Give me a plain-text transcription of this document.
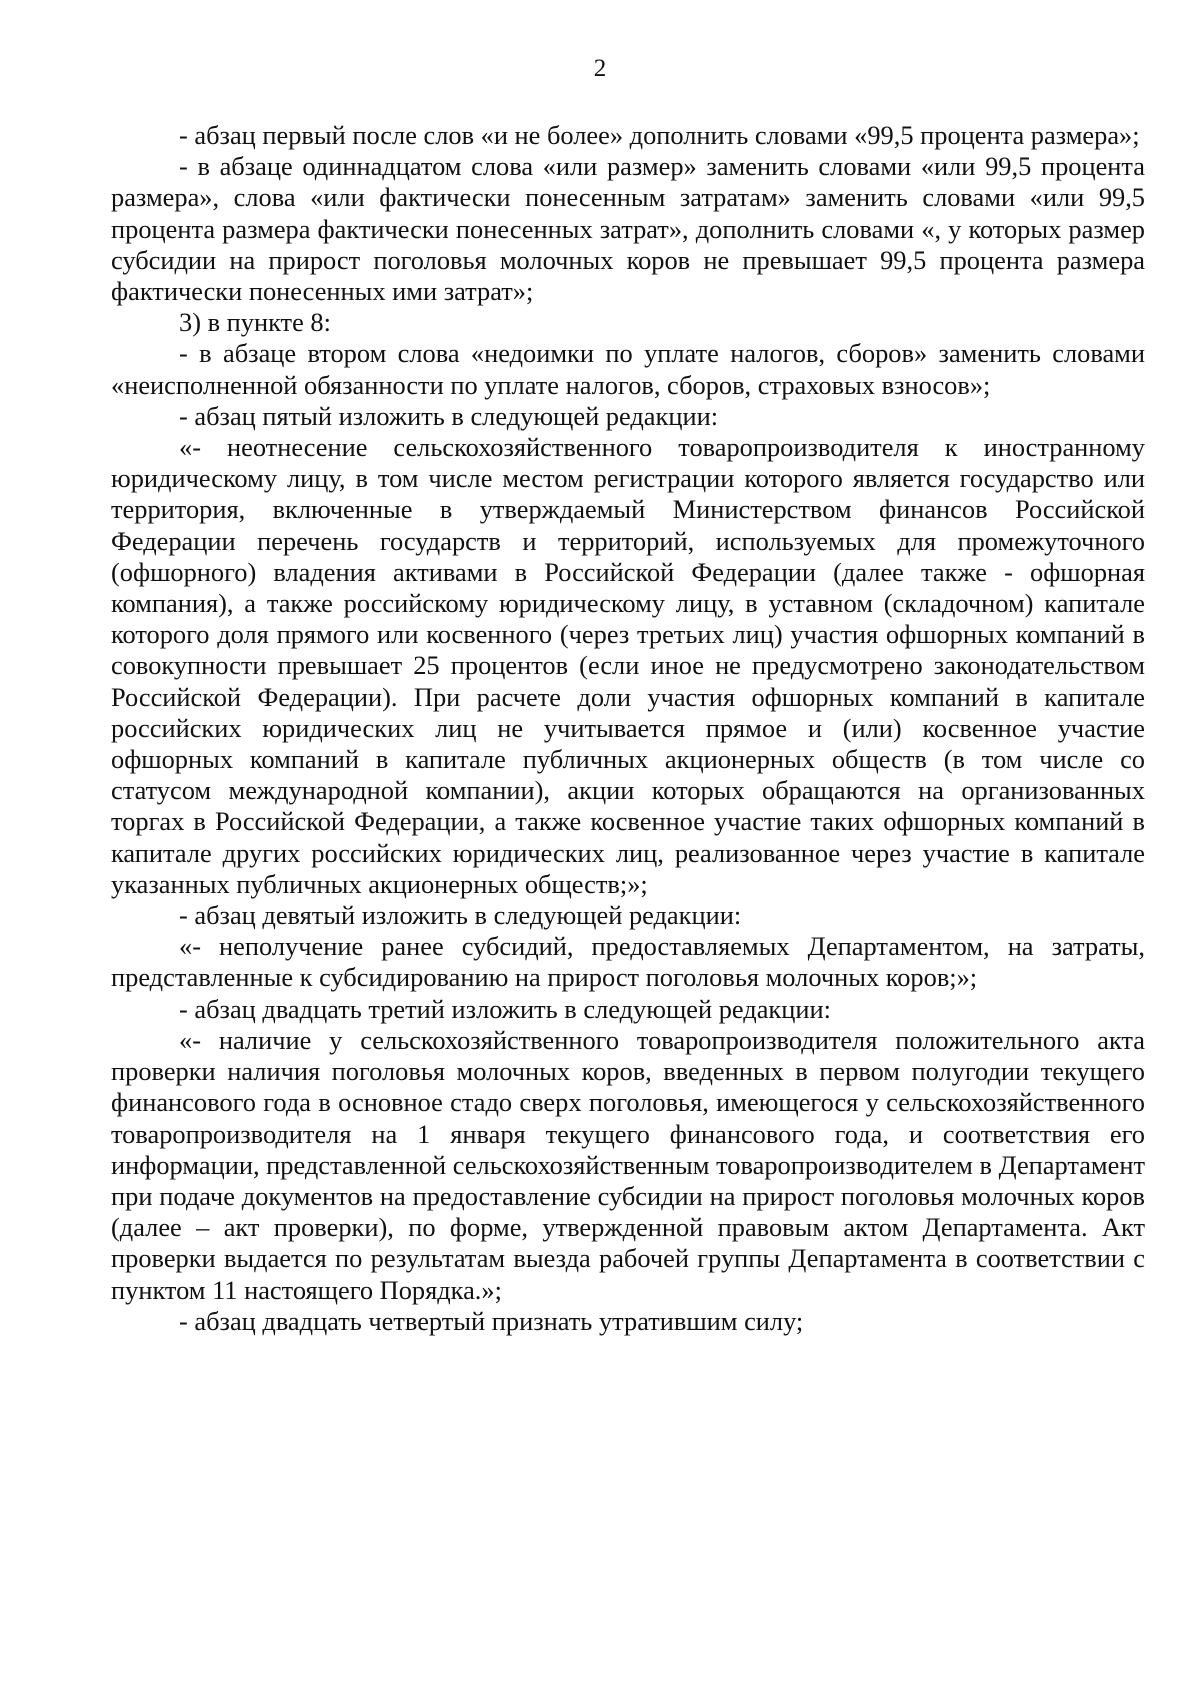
2

- абзац первый после слов «и не более» дополнить словами «99,5 процента размера»;

- в абзаце одиннадцатом слова «или размер» заменить словами «или 99,5 процента размера», слова «или фактически понесенным затратам» заменить словами «или 99,5 процента размера фактически понесенных затрат», дополнить словами «, у которых размер субсидии на прирост поголовья молочных коров не превышает 99,5 процента размера фактически понесенных ими затрат»;

3) в пункте 8:

- в абзаце втором слова «недоимки по уплате налогов, сборов» заменить словами «неисполненной обязанности по уплате налогов, сборов, страховых взносов»;

- абзац пятый изложить в следующей редакции:

«- неотнесение сельскохозяйственного товаропроизводителя к иностранному юридическому лицу, в том числе местом регистрации которого является государство или территория, включенные в утверждаемый Министерством финансов Российской Федерации перечень государств и территорий, используемых для промежуточного (офшорного) владения активами в Российской Федерации (далее также - офшорная компания), а также российскому юридическому лицу, в уставном (складочном) капитале которого доля прямого или косвенного (через третьих лиц) участия офшорных компаний в совокупности превышает 25 процентов (если иное не предусмотрено законодательством Российской Федерации). При расчете доли участия офшорных компаний в капитале российских юридических лиц не учитывается прямое и (или) косвенное участие офшорных компаний в капитале публичных акционерных обществ (в том числе со статусом международной компании), акции которых обращаются на организованных торгах в Российской Федерации, а также косвенное участие таких офшорных компаний в капитале других российских юридических лиц, реализованное через участие в капитале указанных публичных акционерных обществ;»;

- абзац девятый изложить в следующей редакции:

«- неполучение ранее субсидий, предоставляемых Департаментом, на затраты, представленные к субсидированию на прирост поголовья молочных коров;»;

- абзац двадцать третий изложить в следующей редакции:

«- наличие у сельскохозяйственного товаропроизводителя положительного акта проверки наличия поголовья молочных коров, введенных в первом полугодии текущего финансового года в основное стадо сверх поголовья, имеющегося у сельскохозяйственного товаропроизводителя на 1 января текущего финансового года, и соответствия его информации, представленной сельскохозяйственным товаропроизводителем в Департамент при подаче документов на предоставление субсидии на прирост поголовья молочных коров (далее – акт проверки), по форме, утвержденной правовым актом Департамента. Акт проверки выдается по результатам выезда рабочей группы Департамента в соответствии с пунктом 11 настоящего Порядка.»;

- абзац двадцать четвертый признать утратившим силу;
